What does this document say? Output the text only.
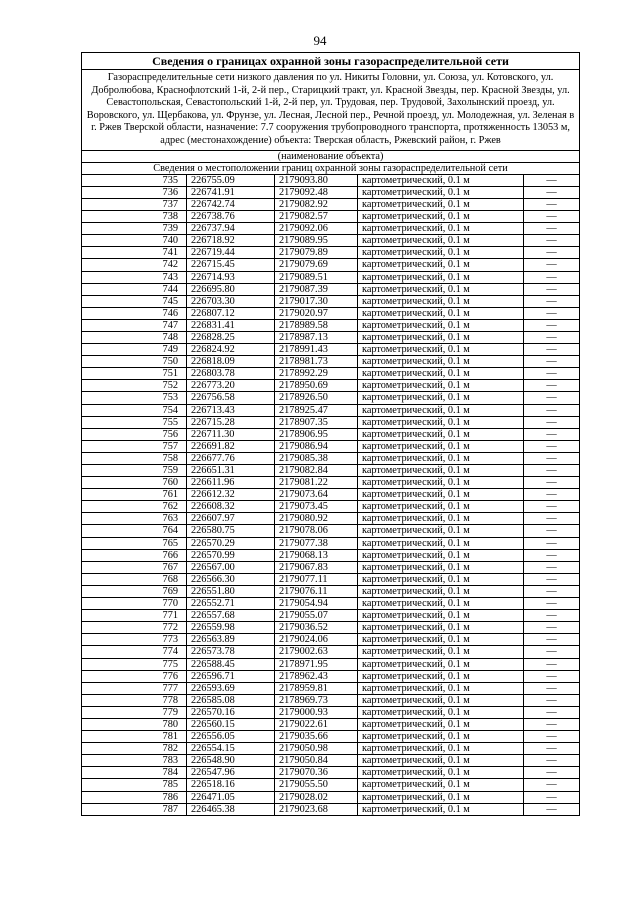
94
Сведения о границах охранной зоны газораспределительной сети				
Газораспределительные сети низкого давления по ул. Никиты Головни, ул. Союза, ул. Котовского, ул. Добролюбова, Краснофлотский 1-й, 2-й пер., Старицкий тракт, ул. Красной Звезды, пер. Красной Звезды, ул. Севастопольская, Севастопольский 1-й, 2-й пер, ул. Трудовая, пер. Трудовой, Захолынский проезд, ул. Воровского, ул. Щербакова, ул. Фрунзе, ул. Лесная, Лесной пер., Речной проезд, ул. Молодежная, ул. Зеленая в г. Ржев Тверской области, назначение: 7.7 сооружения трубопроводного транспорта, протяженность 13053 м, адрес (местонахождение) объекта: Тверская область, Ржевский район, г. Ржев				
(наименование объекта)				
Сведения о местоположении границ охранной зоны газораспределительной сети				
735	226755.09	2179093.80	картометрический, 0.1 м	—
736	226741.91	2179092.48	картометрический, 0.1 м	—
737	226742.74	2179082.92	картометрический, 0.1 м	—
738	226738.76	2179082.57	картометрический, 0.1 м	—
739	226737.94	2179092.06	картометрический, 0.1 м	—
740	226718.92	2179089.95	картометрический, 0.1 м	—
741	226719.44	2179079.89	картометрический, 0.1 м	—
742	226715.45	2179079.69	картометрический, 0.1 м	—
743	226714.93	2179089.51	картометрический, 0.1 м	—
744	226695.80	2179087.39	картометрический, 0.1 м	—
745	226703.30	2179017.30	картометрический, 0.1 м	—
746	226807.12	2179020.97	картометрический, 0.1 м	—
747	226831.41	2178989.58	картометрический, 0.1 м	—
748	226828.25	2178987.13	картометрический, 0.1 м	—
749	226824.92	2178991.43	картометрический, 0.1 м	—
750	226818.09	2178981.73	картометрический, 0.1 м	—
751	226803.78	2178992.29	картометрический, 0.1 м	—
752	226773.20	2178950.69	картометрический, 0.1 м	—
753	226756.58	2178926.50	картометрический, 0.1 м	—
754	226713.43	2178925.47	картометрический, 0.1 м	—
755	226715.28	2178907.35	картометрический, 0.1 м	—
756	226711.30	2178906.95	картометрический, 0.1 м	—
757	226691.82	2179086.94	картометрический, 0.1 м	—
758	226677.76	2179085.38	картометрический, 0.1 м	—
759	226651.31	2179082.84	картометрический, 0.1 м	—
760	226611.96	2179081.22	картометрический, 0.1 м	—
761	226612.32	2179073.64	картометрический, 0.1 м	—
762	226608.32	2179073.45	картометрический, 0.1 м	—
763	226607.97	2179080.92	картометрический, 0.1 м	—
764	226580.75	2179078.06	картометрический, 0.1 м	—
765	226570.29	2179077.38	картометрический, 0.1 м	—
766	226570.99	2179068.13	картометрический, 0.1 м	—
767	226567.00	2179067.83	картометрический, 0.1 м	—
768	226566.30	2179077.11	картометрический, 0.1 м	—
769	226551.80	2179076.11	картометрический, 0.1 м	—
770	226552.71	2179054.94	картометрический, 0.1 м	—
771	226557.68	2179055.07	картометрический, 0.1 м	—
772	226559.98	2179036.52	картометрический, 0.1 м	—
773	226563.89	2179024.06	картометрический, 0.1 м	—
774	226573.78	2179002.63	картометрический, 0.1 м	—
775	226588.45	2178971.95	картометрический, 0.1 м	—
776	226596.71	2178962.43	картометрический, 0.1 м	—
777	226593.69	2178959.81	картометрический, 0.1 м	—
778	226585.08	2178969.73	картометрический, 0.1 м	—
779	226570.16	2179000.93	картометрический, 0.1 м	—
780	226560.15	2179022.61	картометрический, 0.1 м	—
781	226556.05	2179035.66	картометрический, 0.1 м	—
782	226554.15	2179050.98	картометрический, 0.1 м	—
783	226548.90	2179050.84	картометрический, 0.1 м	—
784	226547.96	2179070.36	картометрический, 0.1 м	—
785	226518.16	2179055.50	картометрический, 0.1 м	—
786	226471.05	2179028.02	картометрический, 0.1 м	—
787	226465.38	2179023.68	картометрический, 0.1 м	—
